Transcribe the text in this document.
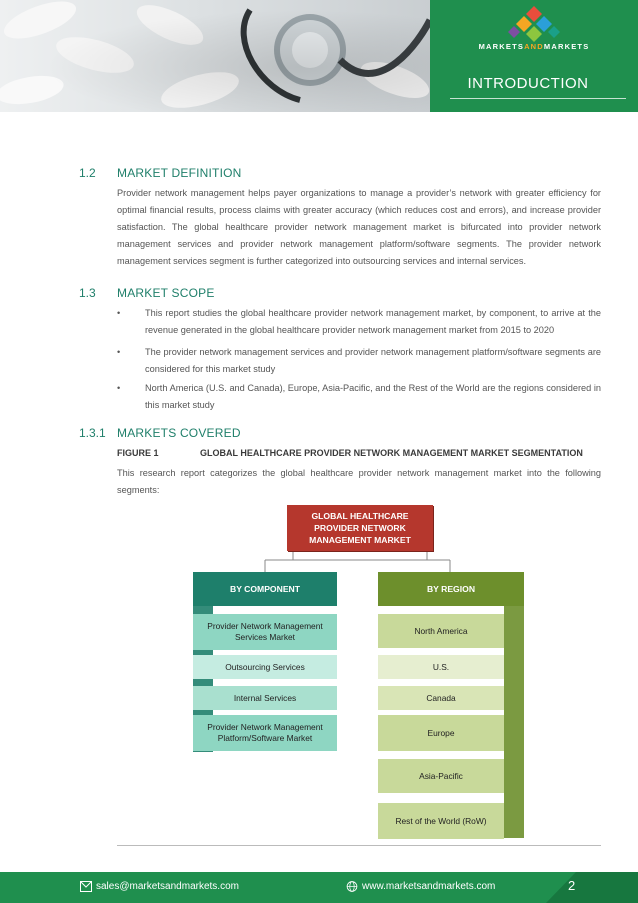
MARKETSANDMARKETS
INTRODUCTION
1.2 MARKET DEFINITION
Provider network management helps payer organizations to manage a provider’s network with greater efficiency for optimal financial results, process claims with greater accuracy (which reduces cost and errors), and increase provider satisfaction. The global healthcare provider network management market is bifurcated into provider network management services and provider network management platform/software segments. The provider network management services segment is further categorized into outsourcing services and internal services.
1.3 MARKET SCOPE
•	This report studies the global healthcare provider network management market, by component, to arrive at the revenue generated in the global healthcare provider network management market from 2015 to 2020
•	The provider network management services and provider network management platform/software segments are considered for this market study
•	North America (U.S. and Canada), Europe, Asia-Pacific, and the Rest of the World are the regions considered in this market study
1.3.1 MARKETS COVERED
FIGURE 1	GLOBAL HEALTHCARE PROVIDER NETWORK MANAGEMENT MARKET SEGMENTATION
This research report categorizes the global healthcare provider network management market into the following segments:
GLOBAL HEALTHCARE
PROVIDER NETWORK
MANAGEMENT MARKET
BY COMPONENT
Provider Network Management
Services Market
Outsourcing Services
Internal Services
Provider Network Management
Platform/Software Market
BY REGION
North America
U.S.
Canada
Europe
Asia-Pacific
Rest of the World (RoW)
sales@marketsandmarkets.com	www.marketsandmarkets.com	2
